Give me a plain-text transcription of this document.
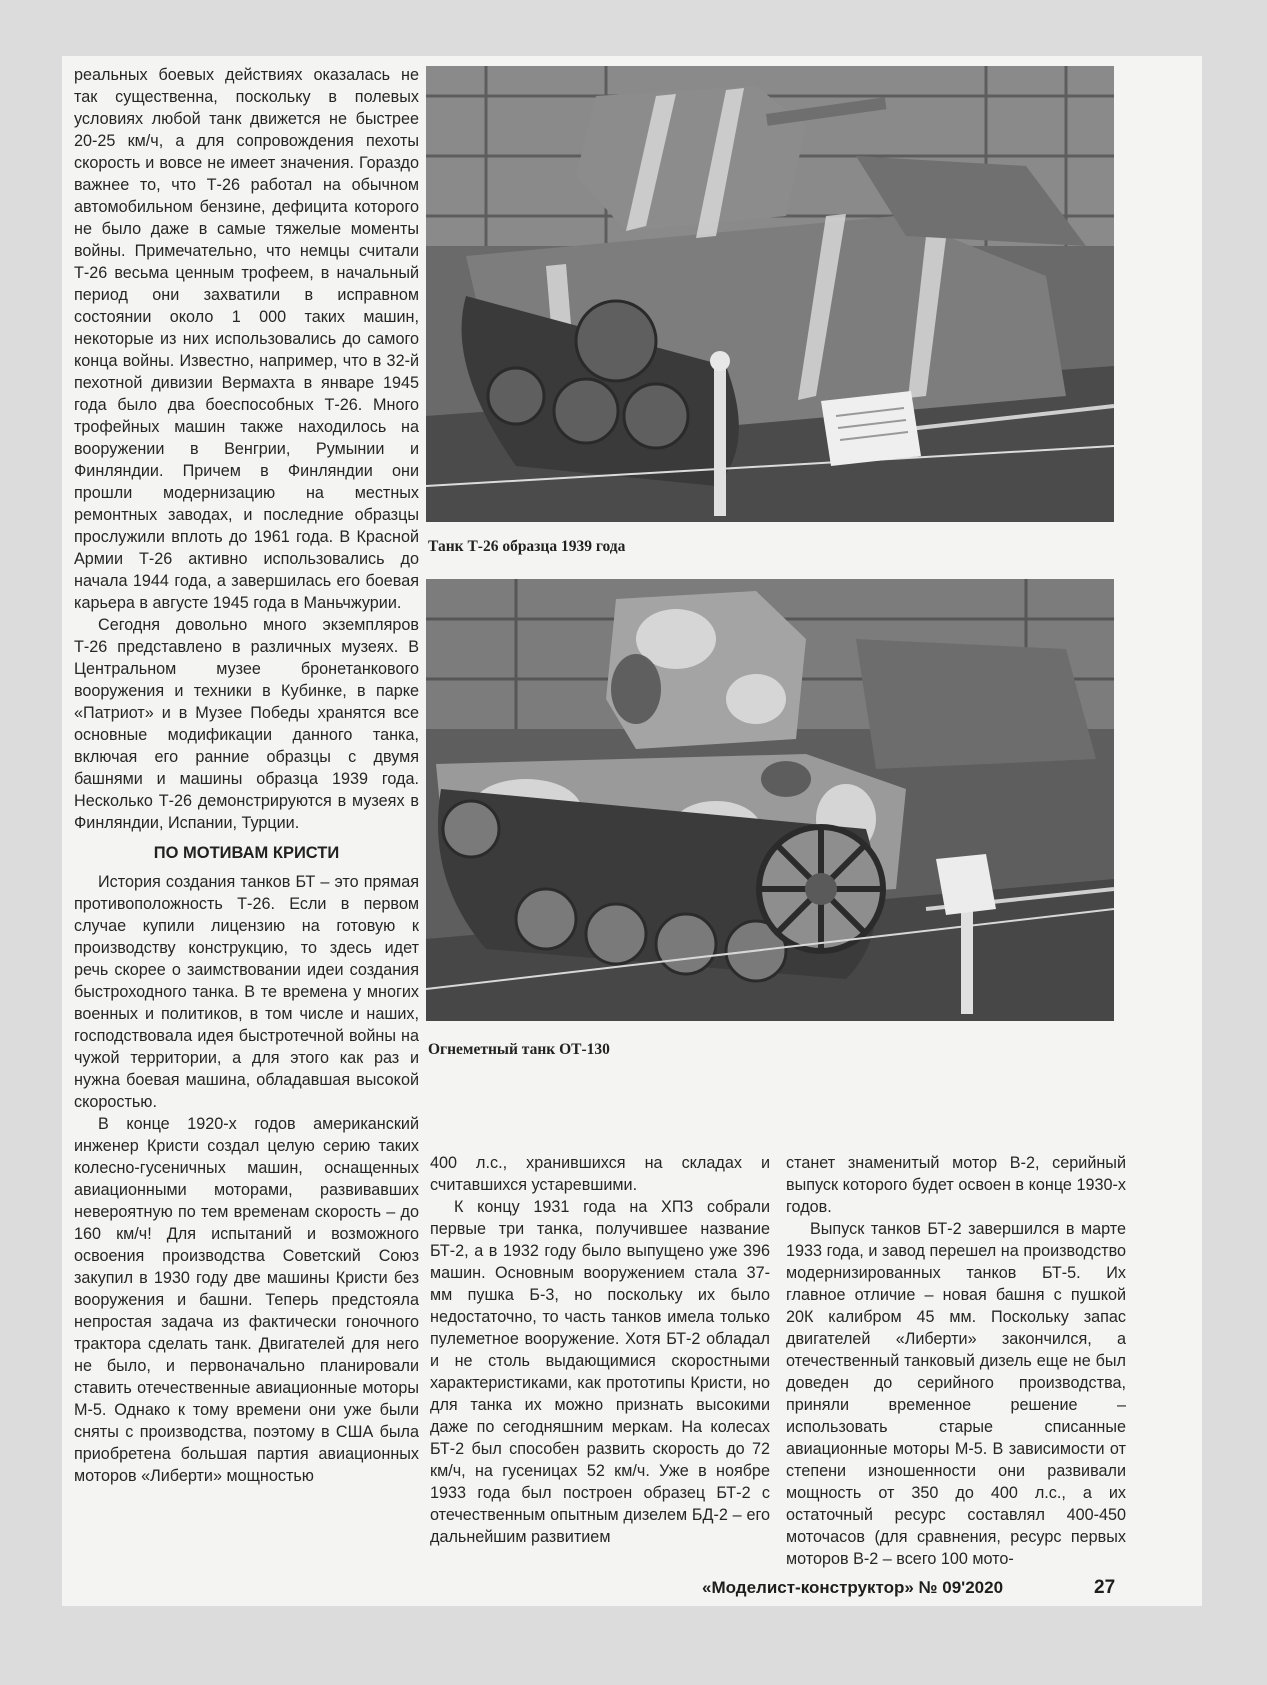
реальных боевых действиях оказалась не так существенна, поскольку в полевых условиях любой танк движется не быстрее 20-25 км/ч, а для сопровождения пехоты скорость и вовсе не имеет значения. Гораздо важнее то, что Т-26 работал на обычном автомобильном бензине, дефицита которого не было даже в самые тяжелые моменты войны. Примечательно, что немцы считали Т-26 весьма ценным трофеем, в начальный период они захватили в исправном состоянии около 1 000 таких машин, некоторые из них использовались до самого конца войны. Известно, например, что в 32-й пехотной дивизии Вермахта в январе 1945 года было два боеспособных Т-26. Много трофейных машин также находилось на вооружении в Венгрии, Румынии и Финляндии. Причем в Финляндии они прошли модернизацию на местных ремонтных заводах, и последние образцы прослужили вплоть до 1961 года. В Красной Армии Т-26 активно использовались до начала 1944 года, а завершилась его боевая карьера в августе 1945 года в Маньчжурии.

Сегодня довольно много экземпляров Т-26 представлено в различных музеях. В Центральном музее бронетанкового вооружения и техники в Кубинке, в парке «Патриот» и в Музее Победы хранятся все основные модификации данного танка, включая его ранние образцы с двумя башнями и машины образца 1939 года. Несколько Т-26 демонстрируются в музеях в Финляндии, Испании, Турции.

ПО МОТИВАМ КРИСТИ

История создания танков БТ – это прямая противоположность Т-26. Если в первом случае купили лицензию на готовую к производству конструкцию, то здесь идет речь скорее о заимствовании идеи создания быстроходного танка. В те времена у многих военных и политиков, в том числе и наших, господствовала идея быстротечной войны на чужой территории, а для этого как раз и нужна боевая машина, обладавшая высокой скоростью.

В конце 1920-х годов американский инженер Кристи создал целую серию таких колесно-гусеничных машин, оснащенных авиационными моторами, развивавших невероятную по тем временам скорость – до 160 км/ч! Для испытаний и возможного освоения производства Советский Союз закупил в 1930 году две машины Кристи без вооружения и башни. Теперь предстояла непростая задача из фактически гоночного трактора сделать танк. Двигателей для него не было, и первоначально планировали ставить отечественные авиационные моторы М-5. Однако к тому времени они уже были сняты с производства, поэтому в США была приобретена большая партия авиационных моторов «Либерти» мощностью

Танк Т-26 образца 1939 года
Огнеметный танк ОТ-130

400 л.с., хранившихся на складах и считавшихся устаревшими.

К концу 1931 года на ХПЗ собрали первые три танка, получившее название БТ-2, а в 1932 году было выпущено уже 396 машин. Основным вооружением стала 37-мм пушка Б-3, но поскольку их было недостаточно, то часть танков имела только пулеметное вооружение. Хотя БТ-2 обладал и не столь выдающимися скоростными характеристиками, как прототипы Кристи, но для танка их можно признать высокими даже по сегодняшним меркам. На колесах БТ-2 был способен развить скорость до 72 км/ч, на гусеницах 52 км/ч. Уже в ноябре 1933 года был построен образец БТ-2 с отечественным опытным дизелем БД-2 – его дальнейшим развитием

станет знаменитый мотор В-2, серийный выпуск которого будет освоен в конце 1930-х годов.

Выпуск танков БТ-2 завершился в марте 1933 года, и завод перешел на производство модернизированных танков БТ-5. Их главное отличие – новая башня с пушкой 20К калибром 45 мм. Поскольку запас двигателей «Либерти» закончился, а отечественный танковый дизель еще не был доведен до серийного производства, приняли временное решение – использовать старые списанные авиационные моторы М-5. В зависимости от степени изношенности они развивали мощность от 350 до 400 л.с., а их остаточный ресурс составлял 400-450 моточасов (для сравнения, ресурс первых моторов В-2 – всего 100 мото-

«Моделист-конструктор» № 09'2020	27
